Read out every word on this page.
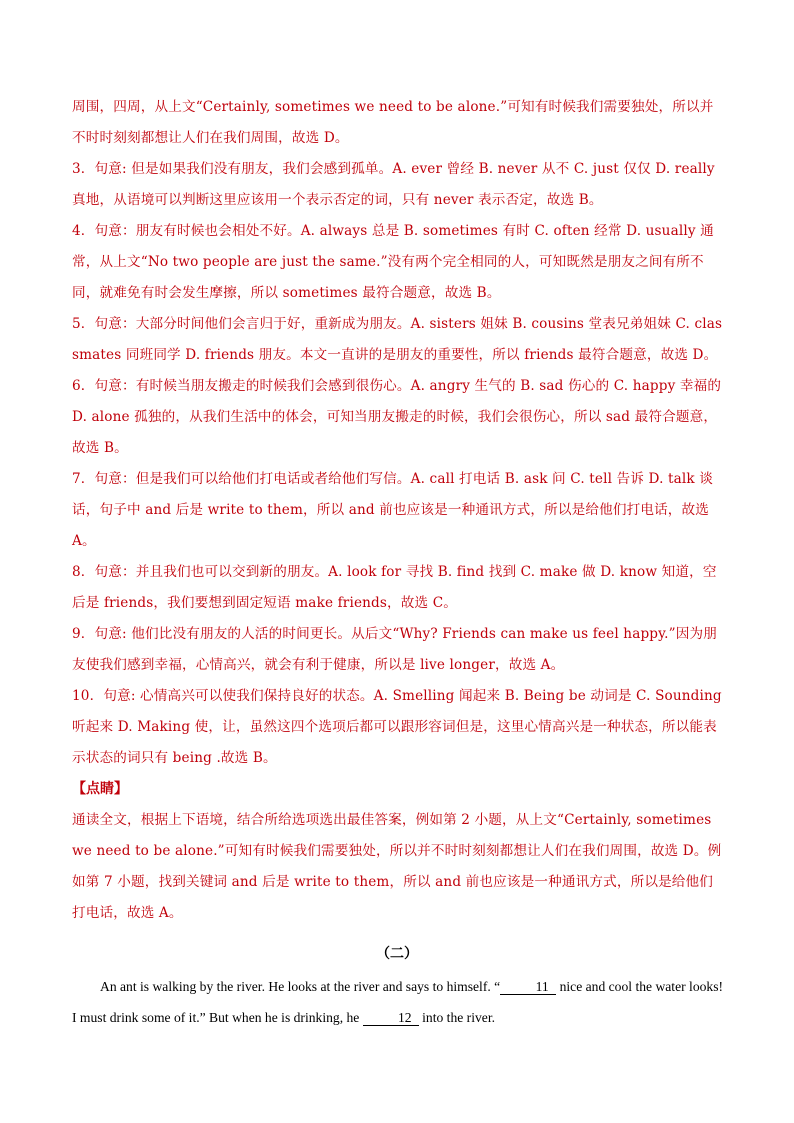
周围，四周，从上文“Certainly, sometimes we need to be alone.”可知有时候我们需要独处，所以并不时时刻刻都想让人们在我们周围，故选 D。

3．句意: 但是如果我们没有朋友，我们会感到孤单。A. ever 曾经 B. never 从不 C. just 仅仅 D. really 真地，从语境可以判断这里应该用一个表示否定的词，只有 never 表示否定，故选 B。

4．句意：朋友有时候也会相处不好。A. always 总是 B. sometimes 有时 C. often 经常 D. usually 通常，从上文“No two people are just the same.”没有两个完全相同的人，可知既然是朋友之间有所不同，就难免有时会发生摩擦，所以 sometimes 最符合题意，故选 B。

5．句意：大部分时间他们会言归于好，重新成为朋友。A. sisters 姐妹 B. cousins 堂表兄弟姐妹 C. classmates 同班同学 D. friends 朋友。本文一直讲的是朋友的重要性，所以 friends 最符合题意，故选 D。

6．句意：有时候当朋友搬走的时候我们会感到很伤心。A. angry 生气的 B. sad 伤心的 C. happy 幸福的 D. alone 孤独的，从我们生活中的体会，可知当朋友搬走的时候，我们会很伤心，所以 sad 最符合题意，故选 B。

7．句意：但是我们可以给他们打电话或者给他们写信。A. call 打电话 B. ask 问 C. tell 告诉 D. talk 谈话，句子中 and 后是 write to them，所以 and 前也应该是一种通讯方式，所以是给他们打电话，故选 A。

8．句意：并且我们也可以交到新的朋友。A. look for 寻找 B. find 找到 C. make 做 D. know 知道，空后是 friends，我们要想到固定短语 make friends，故选 C。

9．句意: 他们比没有朋友的人活的时间更长。从后文“Why? Friends can make us feel happy.”因为朋友使我们感到幸福，心情高兴，就会有利于健康，所以是 live longer，故选 A。

10．句意: 心情高兴可以使我们保持良好的状态。A. Smelling 闻起来 B. Being be 动词是 C. Sounding 听起来 D. Making 使，让，虽然这四个选项后都可以跟形容词但是，这里心情高兴是一种状态，所以能表示状态的词只有 being .故选 B。

【点睛】

通读全文，根据上下语境，结合所给选项选出最佳答案，例如第 2 小题，从上文“Certainly, sometimes we need to be alone.”可知有时候我们需要独处，所以并不时时刻刻都想让人们在我们周围，故选 D。例如第 7 小题，找到关键词 and 后是 write to them，所以 and 前也应该是一种通讯方式，所以是给他们打电话，故选 A。

（二）

An ant is walking by the river. He looks at the river and says to himself. “	11 nice and cool the water looks! I must drink some of it.” But when he is drinking, he	12 into the river.
